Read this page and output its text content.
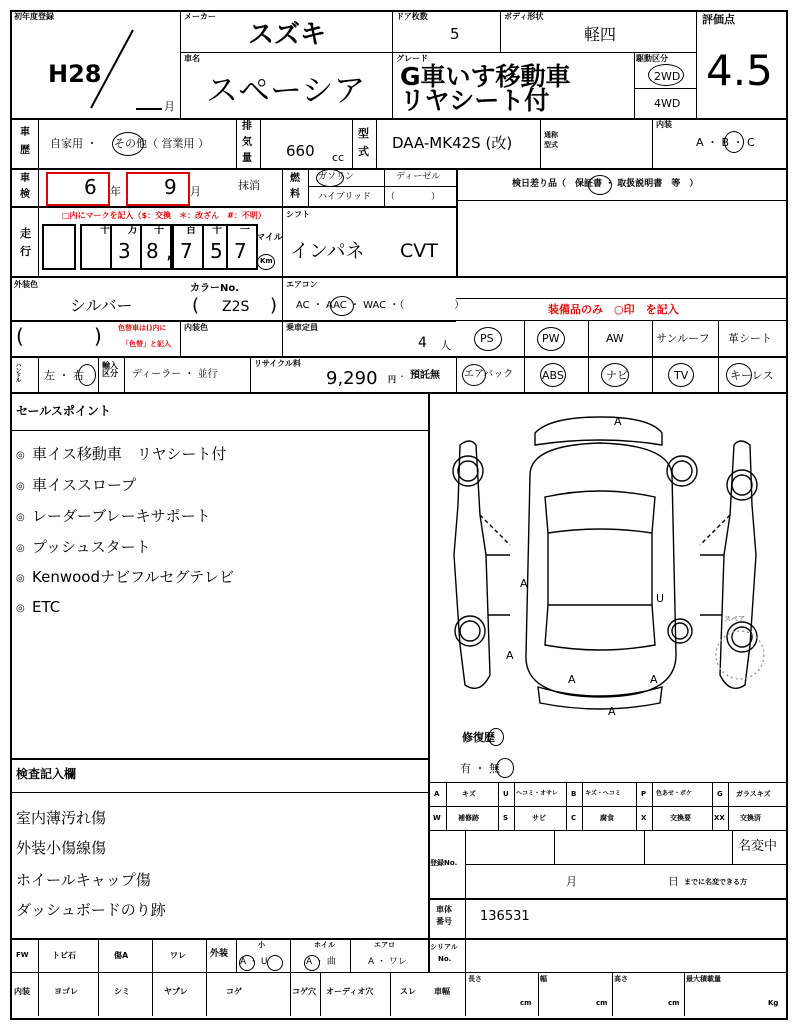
初年度登録
H28
月
メーカー
スズキ
ドア枚数
5
ボディ形状
軽四
評価点
4.5
車名
スペーシア
グレード
G車いす移動車
リヤシート付
駆動区分
2WD
4WD
車
歴
自家用 ・ その他（ 営業用 ）
排
気
量 660 cc
型
式 DAA-MK42S (改)	通称
型式
内装
A ・ B ・ C
車
検	6 年 9 月	抹消
燃
料
ガソリン	ディーゼル
ハイブリッド （　　　　）
検日差り品（　保証書 ・ 取扱説明書　等　）
走
行
□内にマークを記入（$：交換　＊：改ざん　#：不明）
十 万 千 百 十 一
3 8 , 7 5 7
マイル
Km
シフト
インパネ CVT
外装色
シルバー
カラーNo.
( Z2S )
エアコン
AC ・ AAC ・ WAC ・（　　　　　）	装備品のみ　○印　を記入
(	) 色替車は()内に
「色替」と記入
内装色	乗車定員
4 人
PS	PW	AW	サンルーフ 革シート
エアバック	ABS	ナビ	TV	キーレス
ハンドル 左 ・ 右
輸入区分	ディーラー ・ 並行
リサイクル料
9,290 円 預託無
・
セールスポイント
◎ 車イス移動車　リヤシート付
◎ 車イススロープ
◎ レーダーブレーキサポート
◎ プッシュスタート
◎ Kenwoodナビフルセグテレビ
◎ ETC
A
A
A
A	A
U
A
スペア
修復歴
有 ・ 無
検査記入欄
室内薄汚れ傷
外装小傷線傷
ホイールキャップ傷
ダッシュボードのり跡
A	キズ	U ヘコミ・オサレ B キズ・ヘコミ	P 色あせ・ボケ	G ガラスキズ
W 補修跡	S	サビ	C	腐食	X	交換要	XX 交換済
登録No.
名変中
月	日 までに名変できる方
車体
番号 136531
シリアル
No.
FW	トビ石	傷A	ワレ	外装
小
A ・ U
ホイル
A ・ 曲
エアロ
A ・ ワレ
内装	ヨゴレ	シミ	ヤブレ	コゲ	コゲ穴 オーディオ穴	スレ 車幅
長さ
cm
幅
cm
高さ
cm
最大積載量
Kg
